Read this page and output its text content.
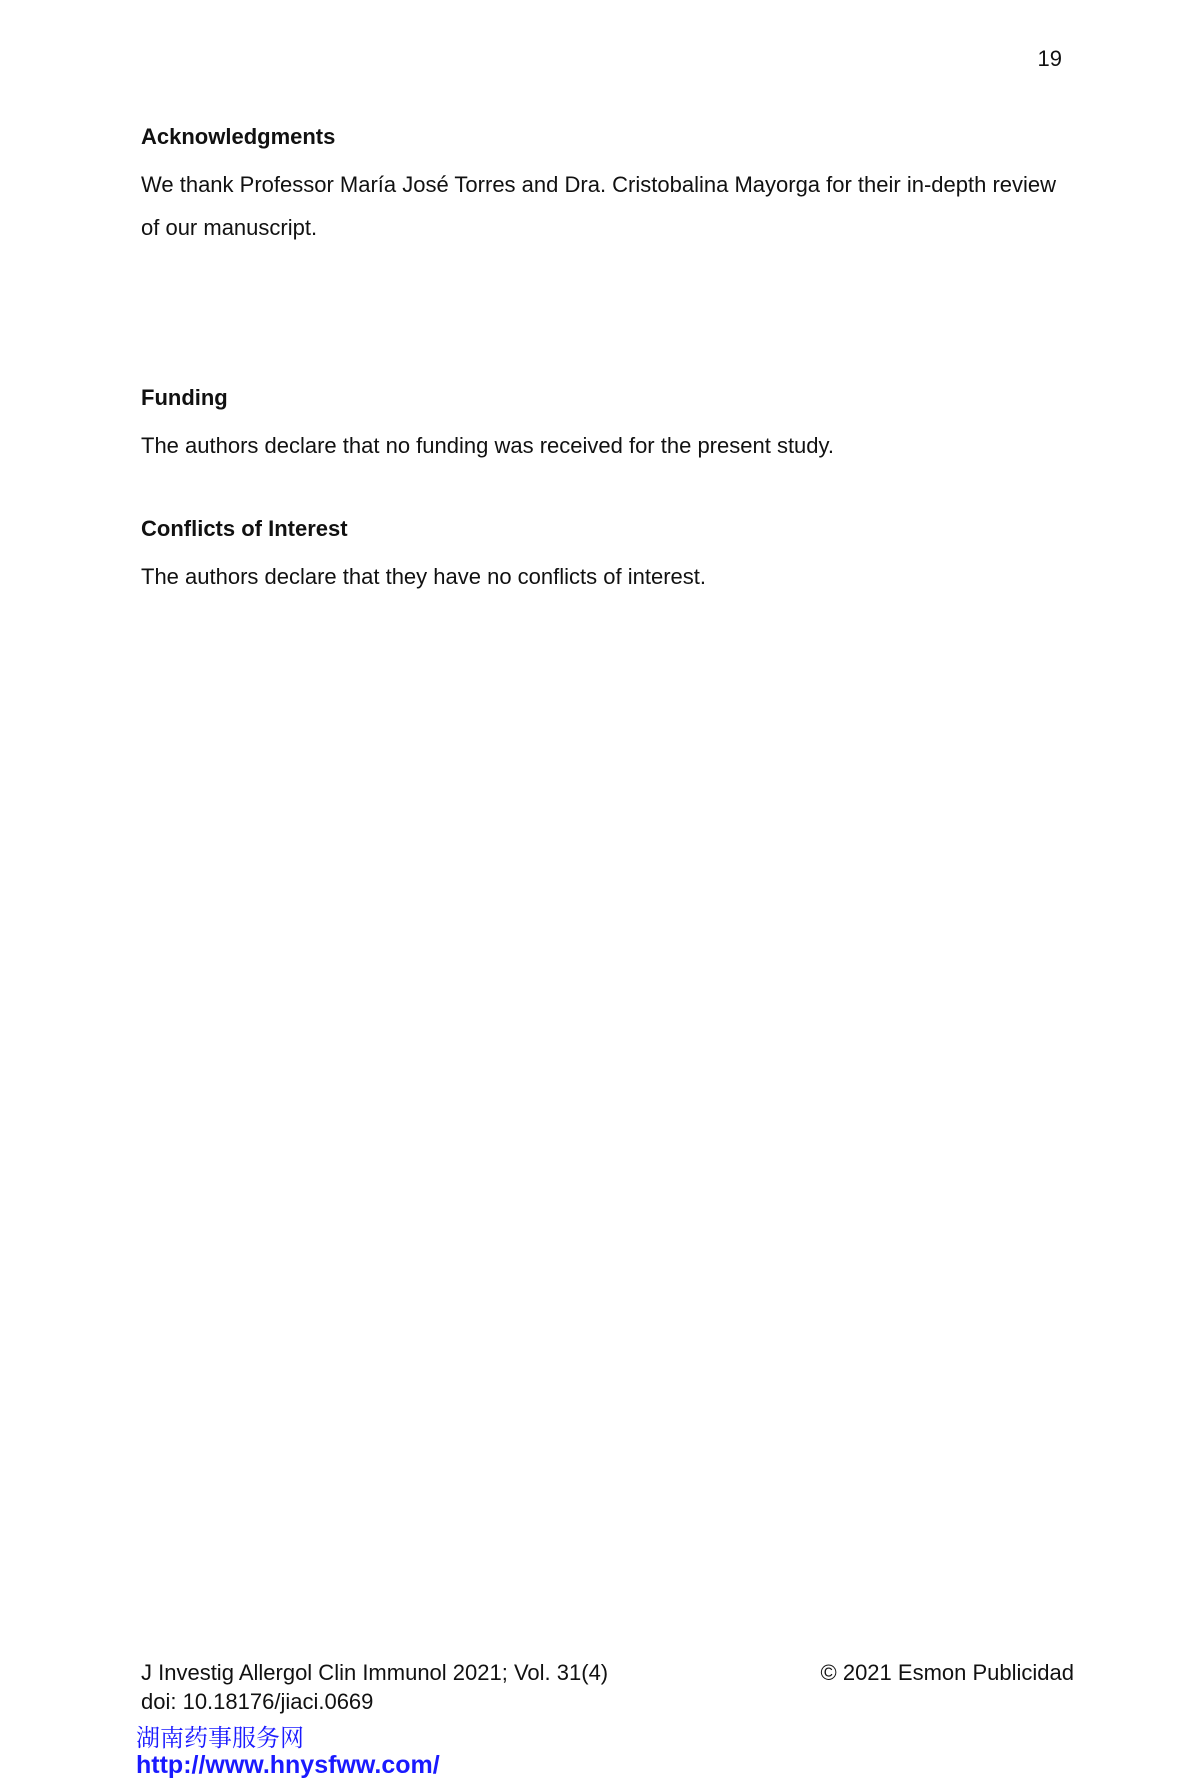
19
Acknowledgments

We thank Professor María José Torres and Dra. Cristobalina Mayorga for their in-depth review of our manuscript.

Funding

The authors declare that no funding was received for the present study.

Conflicts of Interest

The authors declare that they have no conflicts of interest.

J Investig Allergol Clin Immunol 2021; Vol. 31(4)
doi: 10.18176/jiaci.0669
© 2021 Esmon Publicidad
湖南药事服务网
http://www.hnysfww.com/
